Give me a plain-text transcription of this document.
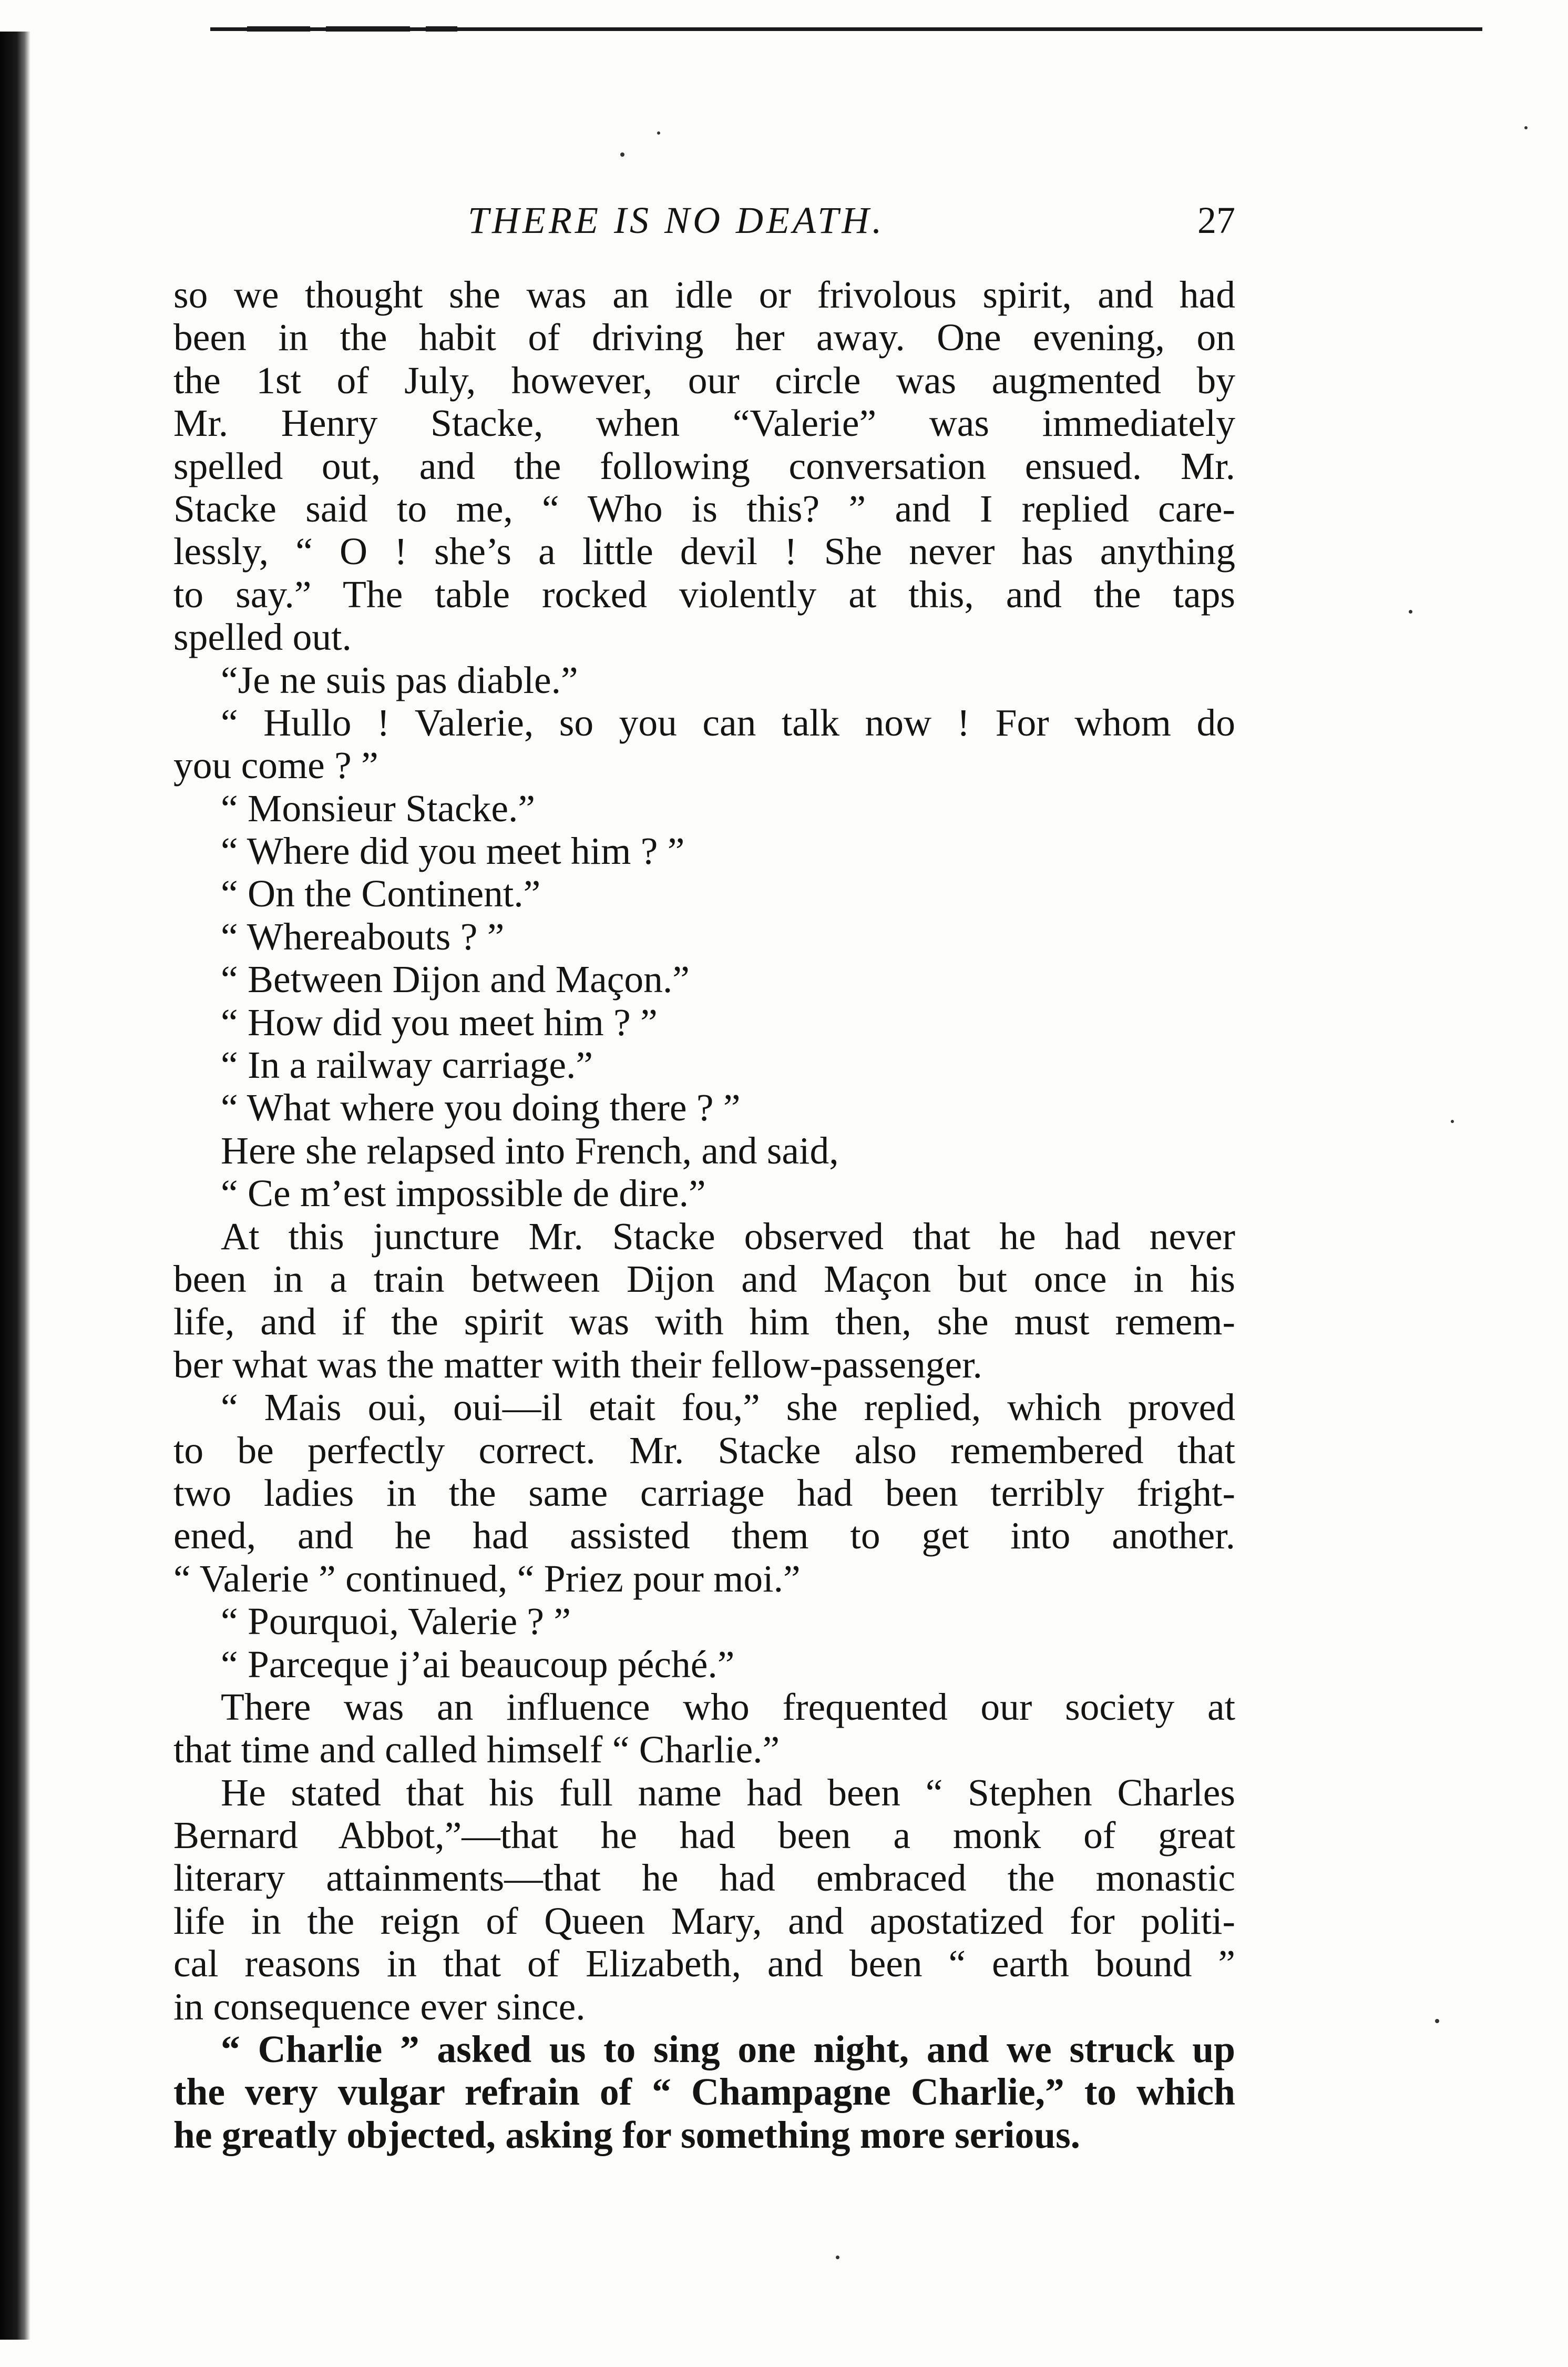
THERE IS NO DEATH.	27
so we thought she was an idle or frivolous spirit, and had
been in the habit of driving her away. One evening, on
the 1st of July, however, our circle was augmented by
Mr. Henry Stacke, when “Valerie” was immediately
spelled out, and the following conversation ensued. Mr.
Stacke said to me, “ Who is this? ” and I replied care-
lessly, “ O ! she’s a little devil ! She never has anything
to say.” The table rocked violently at this, and the taps
spelled out.
“Je ne suis pas diable.”
“ Hullo ! Valerie, so you can talk now ! For whom do
you come ? ”
“ Monsieur Stacke.”
“ Where did you meet him ? ”
“ On the Continent.”
“ Whereabouts ? ”
“ Between Dijon and Maçon.”
“ How did you meet him ? ”
“ In a railway carriage.”
“ What where you doing there ? ”
Here she relapsed into French, and said,
“ Ce m’est impossible de dire.”
At this juncture Mr. Stacke observed that he had never
been in a train between Dijon and Maçon but once in his
life, and if the spirit was with him then, she must remem-
ber what was the matter with their fellow-passenger.
“ Mais oui, oui—il etait fou,” she replied, which proved
to be perfectly correct. Mr. Stacke also remembered that
two ladies in the same carriage had been terribly fright-
ened, and he had assisted them to get into another.
“ Valerie ” continued, “ Priez pour moi.”
“ Pourquoi, Valerie ? ”
“ Parceque j’ai beaucoup péché.”
There was an influence who frequented our society at
that time and called himself “ Charlie.”
He stated that his full name had been “ Stephen Charles
Bernard Abbot,”—that he had been a monk of great
literary attainments—that he had embraced the monastic
life in the reign of Queen Mary, and apostatized for politi-
cal reasons in that of Elizabeth, and been “ earth bound ”
in consequence ever since.
“ Charlie ” asked us to sing one night, and we struck up
the very vulgar refrain of “ Champagne Charlie,” to which
he greatly objected, asking for something more serious.
